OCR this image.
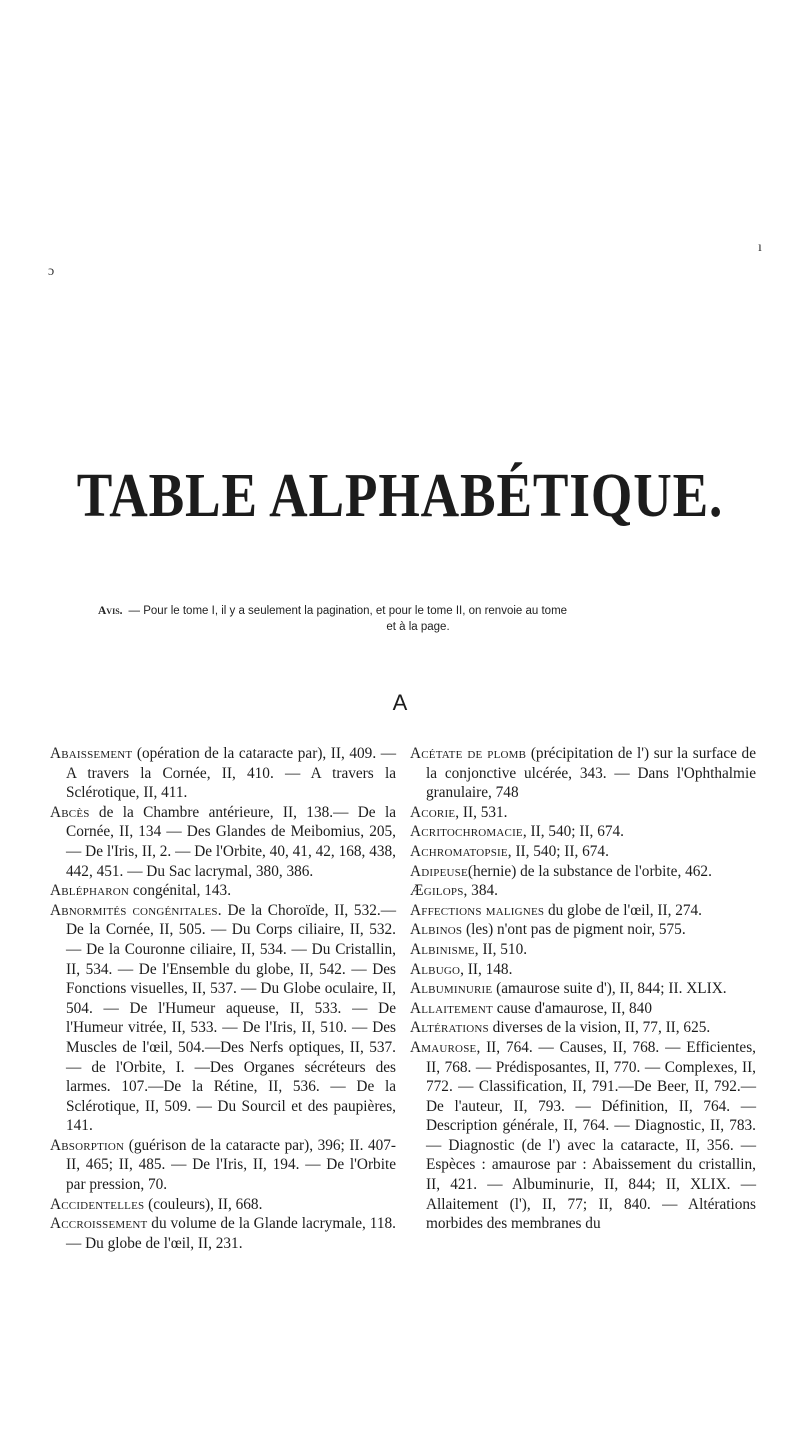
ɔ
ı
TABLE ALPHABÉTIQUE.
Avis. — Pour le tome I, il y a seulement la pagination, et pour le tome II, on renvoie au tome
et à la page.
A

Abaissement (opération de la cataracte par), II, 409. — A travers la Cornée, II, 410. — A travers la Sclérotique, II, 411.

Abcès de la Chambre antérieure, II, 138.— De la Cornée, II, 134 — Des Glandes de Meibomius, 205, — De l'Iris, II, 2. — De l'Orbite, 40, 41, 42, 168, 438, 442, 451. — Du Sac lacrymal, 380, 386.

Ablépharon congénital, 143.

Abnormités congénitales. De la Choroïde, II, 532.— De la Cornée, II, 505. — Du Corps ciliaire, II, 532. — De la Couronne ciliaire, II, 534. — Du Cristallin, II, 534. — De l'Ensemble du globe, II, 542. — Des Fonctions visuelles, II, 537. — Du Globe oculaire, II, 504. — De l'Humeur aqueuse, II, 533. — De l'Humeur vitrée, II, 533. — De l'Iris, II, 510. — Des Muscles de l'œil, 504.—Des Nerfs optiques, II, 537. — de l'Orbite, I. —Des Organes sécréteurs des larmes. 107.—De la Rétine, II, 536. — De la Sclérotique, II, 509. — Du Sourcil et des paupières, 141.

Absorption (guérison de la cataracte par), 396; II. 407-II, 465; II, 485. — De l'Iris, II, 194. — De l'Orbite par pression, 70.

Accidentelles (couleurs), II, 668.

Accroissement du volume de la Glande lacrymale, 118. — Du globe de l'œil, II, 231.

Acétate de plomb (précipitation de l') sur la surface de la conjonctive ulcérée, 343. — Dans l'Ophthalmie granulaire, 748

Acorie, II, 531.

Acritochromacie, II, 540; II, 674.

Achromatopsie, II, 540; II, 674.

Adipeuse(hernie) de la substance de l'orbite, 462.

Ægilops, 384.

Affections malignes du globe de l'œil, II, 274.

Albinos (les) n'ont pas de pigment noir, 575.

Albinisme, II, 510.

Albugo, II, 148.

Albuminurie (amaurose suite d'), II, 844; II. XLIX.

Allaitement cause d'amaurose, II, 840

Altérations diverses de la vision, II, 77, II, 625.

Amaurose, II, 764. — Causes, II, 768. — Efficientes, II, 768. — Prédisposantes, II, 770. — Complexes, II, 772. — Classification, II, 791.—De Beer, II, 792.—De l'auteur, II, 793. — Définition, II, 764. — Description générale, II, 764. — Diagnostic, II, 783. — Diagnostic (de l') avec la cataracte, II, 356. — Espèces : amaurose par : Abaissement du cristallin, II, 421. — Albuminurie, II, 844; II, XLIX. — Allaitement (l'), II, 77; II, 840. — Altérations morbides des membranes du
